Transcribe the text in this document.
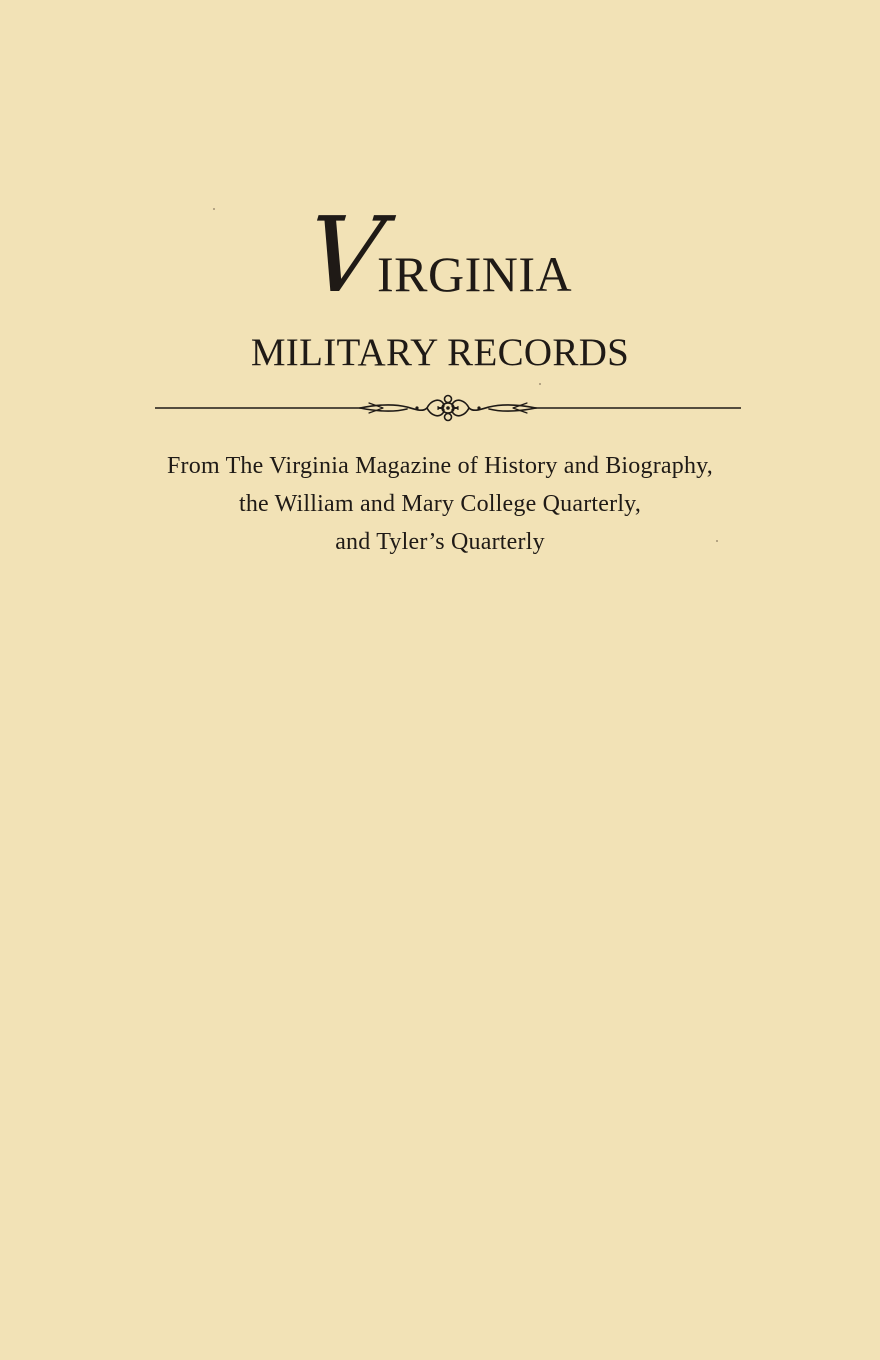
VIRGINIA
MILITARY RECORDS
From The Virginia Magazine of History and Biography,
the William and Mary College Quarterly,
and Tyler’s Quarterly
